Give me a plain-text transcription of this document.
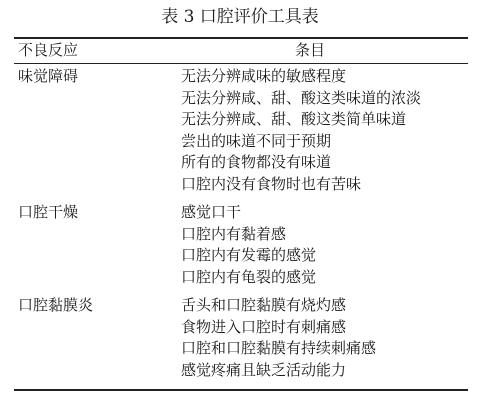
表 3 口腔评价工具表
不良反应	条目
味觉障碍	无法分辨咸味的敏感程度
无法分辨咸、甜、酸这类味道的浓淡
无法分辨咸、甜、酸这类简单味道
尝出的味道不同于预期
所有的食物都没有味道
口腔内没有食物时也有苦味
口腔干燥	感觉口干
口腔内有黏着感
口腔内有发霉的感觉
口腔内有龟裂的感觉
口腔黏膜炎	舌头和口腔黏膜有烧灼感
食物进入口腔时有刺痛感
口腔和口腔黏膜有持续刺痛感
感觉疼痛且缺乏活动能力
